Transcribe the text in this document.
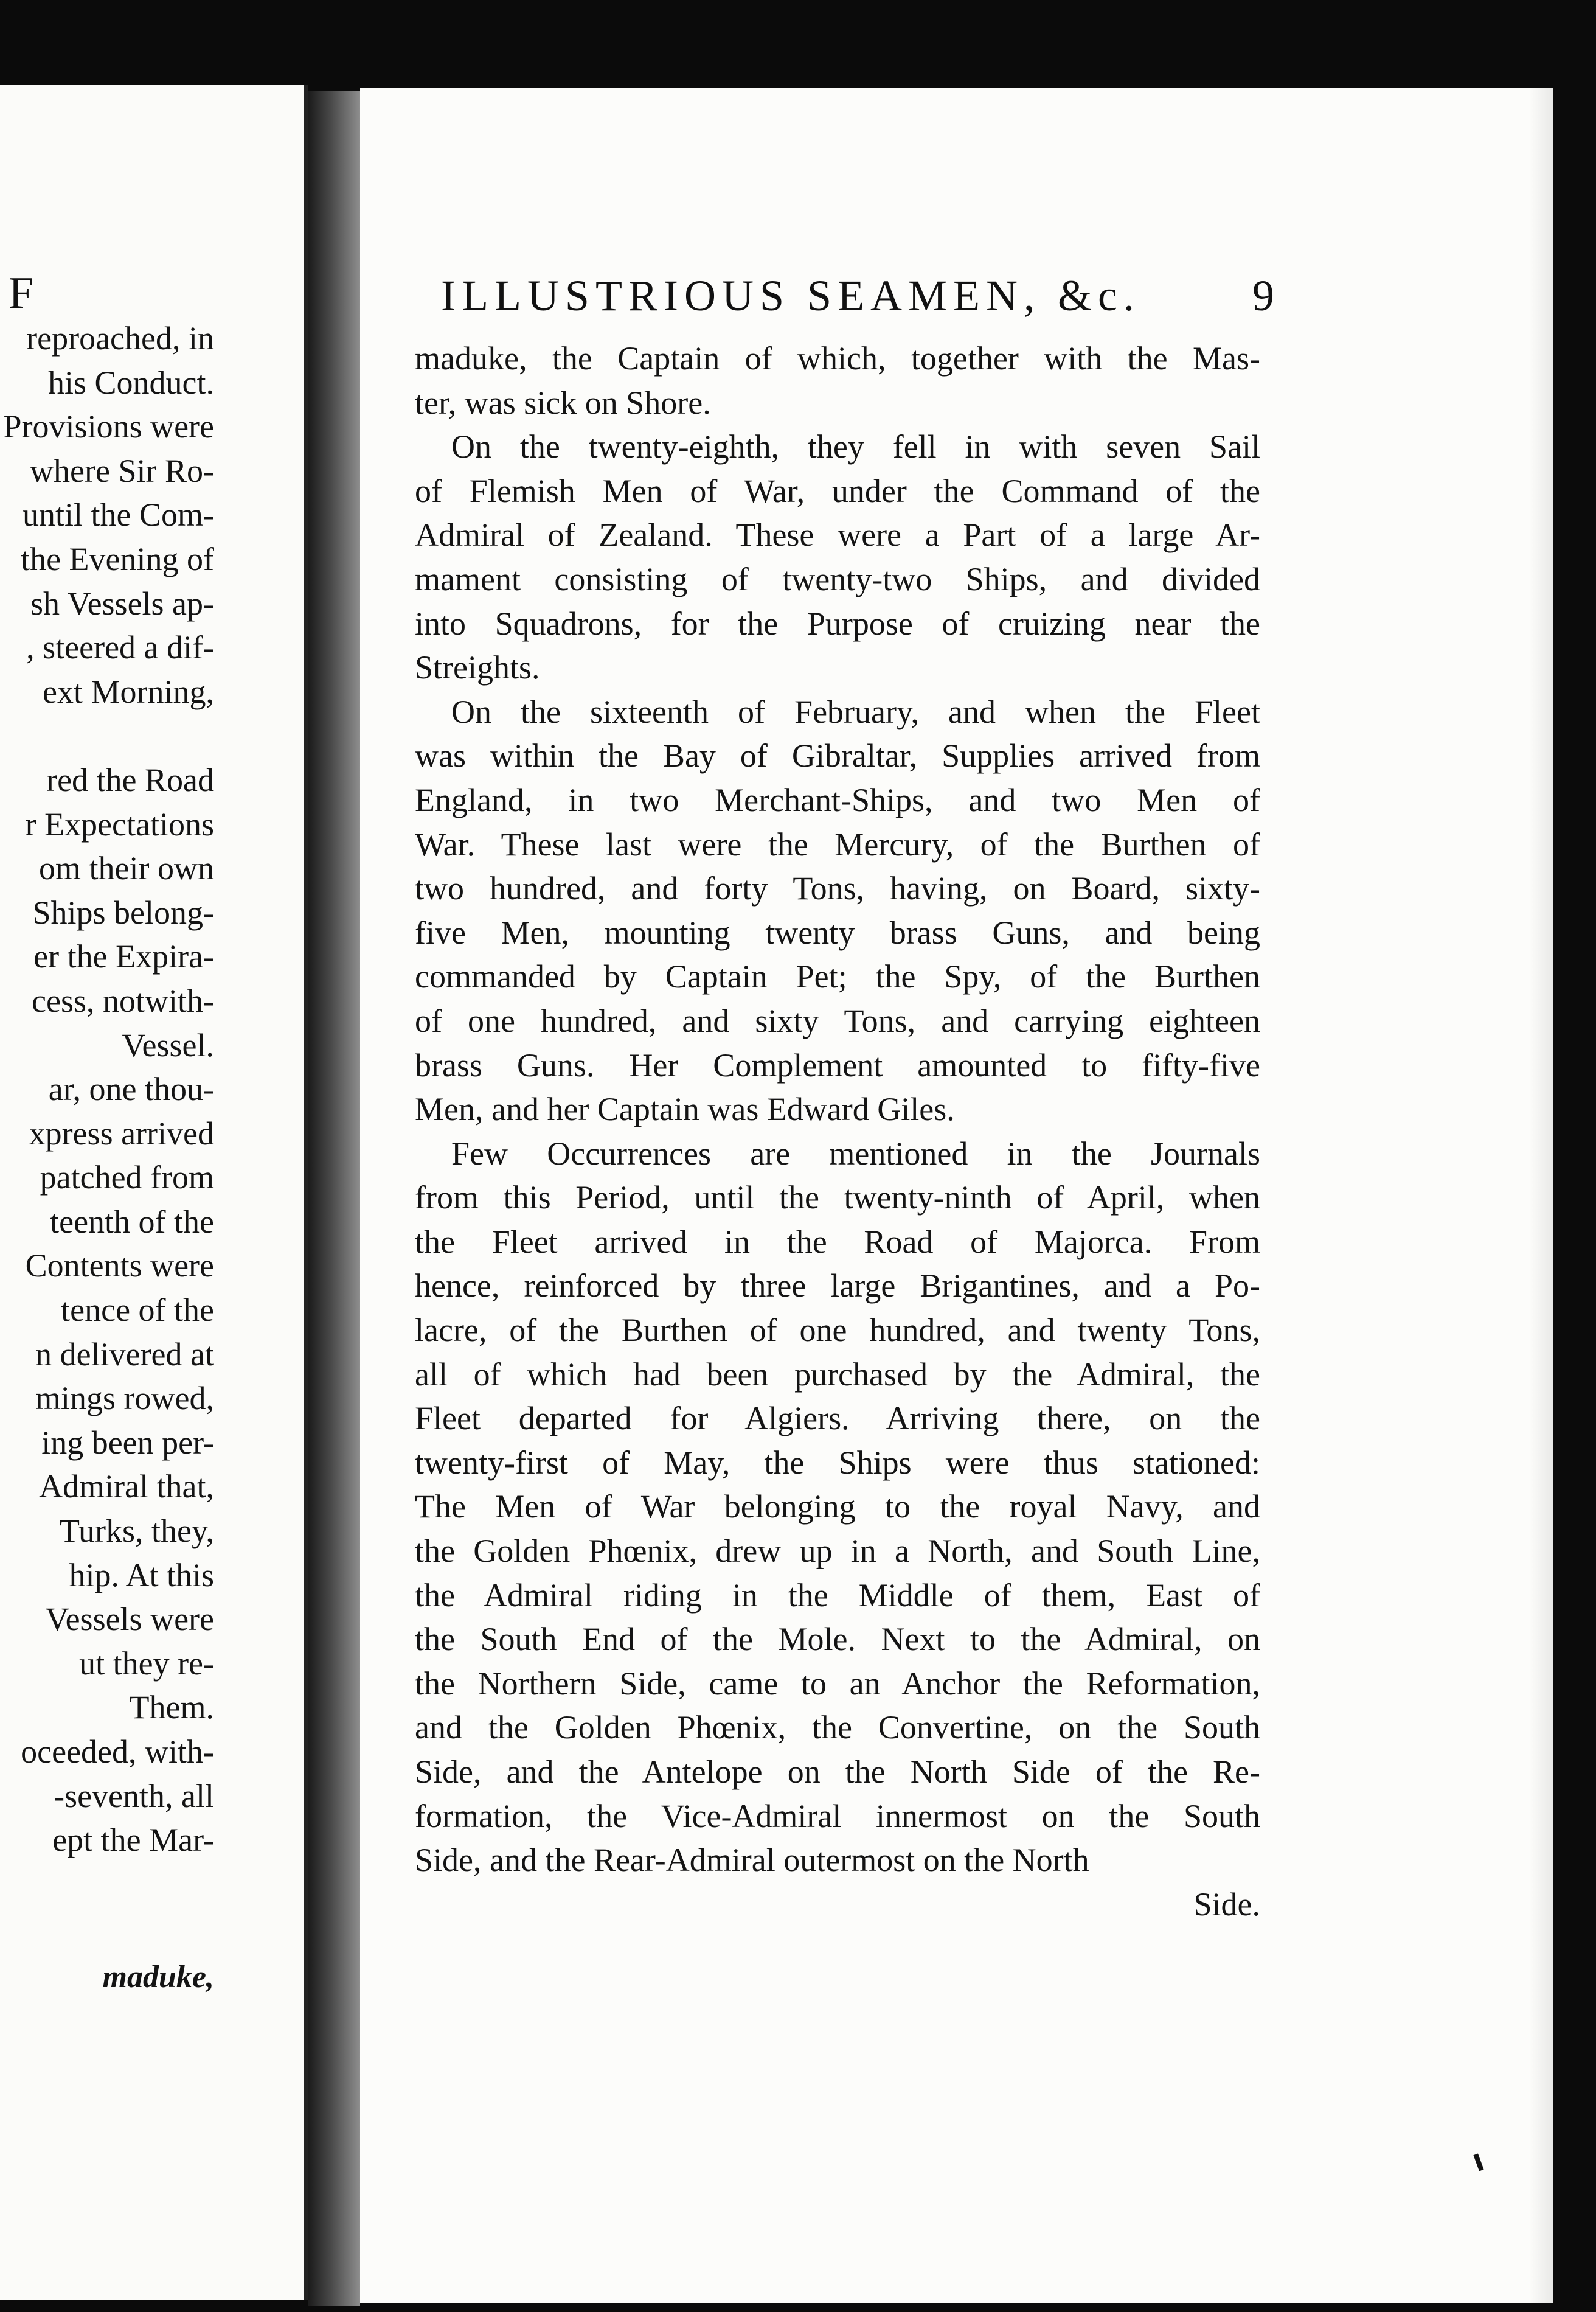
F
reproached, in
his Conduct.
Provisions were
where Sir Ro-
until the Com-
the Evening of
sh Vessels ap-
, steered a dif-
ext Morning,
red the Road
r Expectations
om their own
Ships belong-
er the Expira-
cess, notwith-
Vessel.
ar, one thou-
xpress arrived
patched from
teenth of the
Contents were
tence of the
n delivered at
mings rowed,
ing been per-
Admiral that,
Turks, they,
hip. At this
Vessels were
ut they re-
Them.
oceeded, with-
-seventh, all
ept the Mar-
maduke,
ILLUSTRIOUS SEAMEN, &c.	9
maduke, the Captain of which, together with the Mas-
ter, was sick on Shore.
On the twenty-eighth, they fell in with seven Sail
of Flemish Men of War, under the Command of the
Admiral of Zealand. These were a Part of a large Ar-
mament consisting of twenty-two Ships, and divided
into Squadrons, for the Purpose of cruizing near the
Streights.
On the sixteenth of February, and when the Fleet
was within the Bay of Gibraltar, Supplies arrived from
England, in two Merchant-Ships, and two Men of
War. These last were the Mercury, of the Burthen of
two hundred, and forty Tons, having, on Board, sixty-
five Men, mounting twenty brass Guns, and being
commanded by Captain Pet; the Spy, of the Burthen
of one hundred, and sixty Tons, and carrying eighteen
brass Guns. Her Complement amounted to fifty-five
Men, and her Captain was Edward Giles.
Few Occurrences are mentioned in the Journals
from this Period, until the twenty-ninth of April, when
the Fleet arrived in the Road of Majorca. From
hence, reinforced by three large Brigantines, and a Po-
lacre, of the Burthen of one hundred, and twenty Tons,
all of which had been purchased by the Admiral, the
Fleet departed for Algiers. Arriving there, on the
twenty-first of May, the Ships were thus stationed:
The Men of War belonging to the royal Navy, and
the Golden Phœnix, drew up in a North, and South Line,
the Admiral riding in the Middle of them, East of
the South End of the Mole. Next to the Admiral, on
the Northern Side, came to an Anchor the Reformation,
and the Golden Phœnix, the Convertine, on the South
Side, and the Antelope on the North Side of the Re-
formation, the Vice-Admiral innermost on the South
Side, and the Rear-Admiral outermost on the North
Side.
